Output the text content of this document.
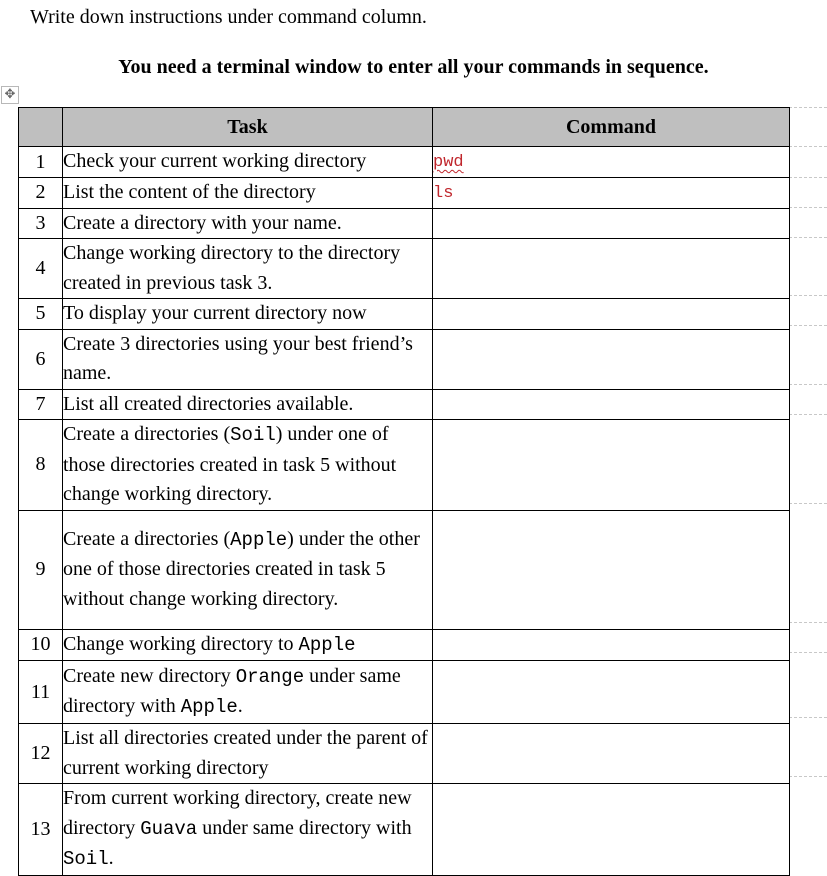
Write down instructions under command column.
You need a terminal window to enter all your commands in sequence.
✥
	Task	Command
1	Check your current working directory	pwd
2	List the content of the directory	ls
3	Create a directory with your name.	
4	Change working directory to the directory created in previous task 3.	
5	To display your current directory now	
6	Create 3 directories using your best friend’s name.	
7	List all created directories available.	
8	Create a directories (Soil) under one of those directories created in task 5 without change working directory.	
9	Create a directories (Apple) under the other one of those directories created in task 5 without change working directory.	
10	Change working directory to Apple	
11	Create new directory Orange under same directory with Apple.	
12	List all directories created under the parent of current working directory	
13	From current working directory, create new directory Guava under same directory with Soil.	
